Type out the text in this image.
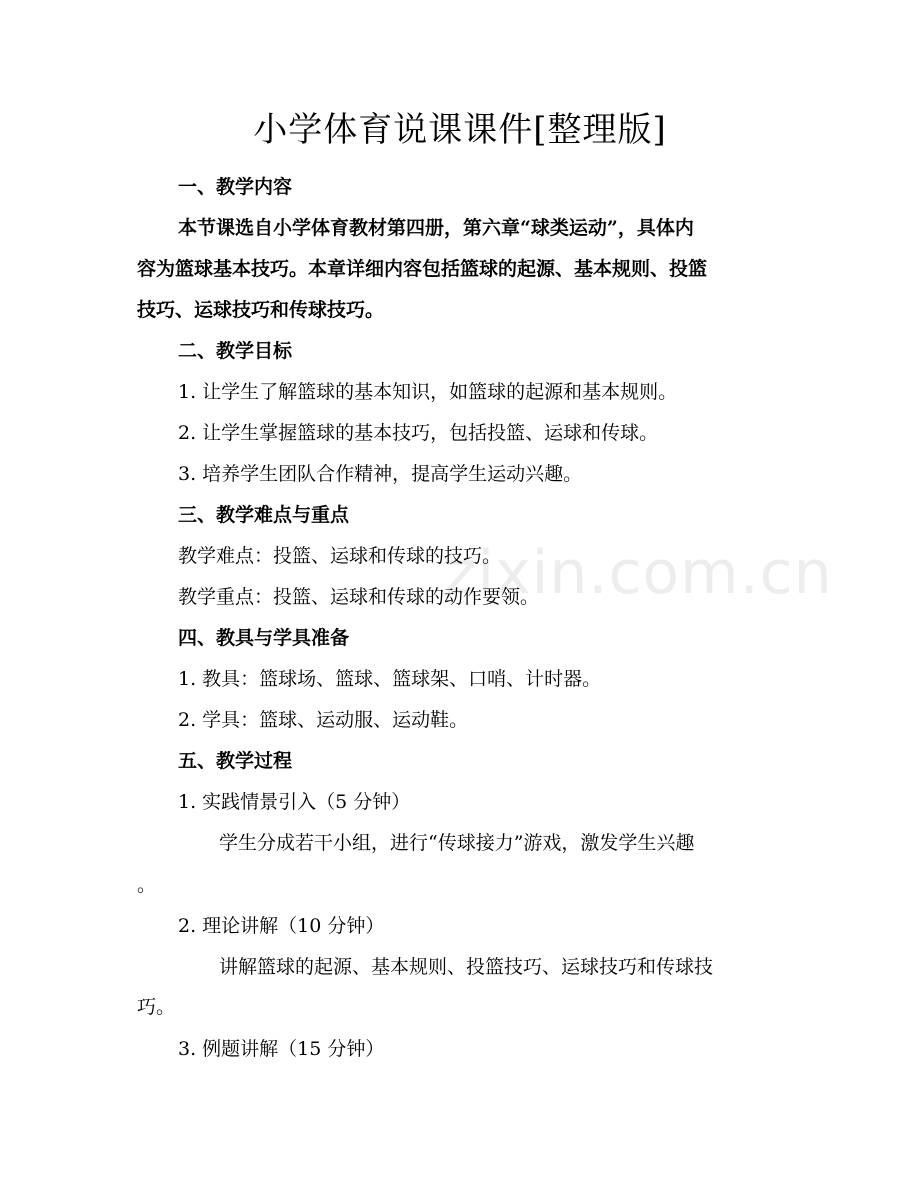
zixin.com.cn
小学体育说课课件[整理版]
一、教学内容
本节课选自小学体育教材第四册，第六章“球类运动”，具体内
容为篮球基本技巧。本章详细内容包括篮球的起源、基本规则、投篮
技巧、运球技巧和传球技巧。
二、教学目标
1. 让学生了解篮球的基本知识，如篮球的起源和基本规则。
2. 让学生掌握篮球的基本技巧，包括投篮、运球和传球。
3. 培养学生团队合作精神，提高学生运动兴趣。
三、教学难点与重点
教学难点：投篮、运球和传球的技巧。
教学重点：投篮、运球和传球的动作要领。
四、教具与学具准备
1. 教具：篮球场、篮球、篮球架、口哨、计时器。
2. 学具：篮球、运动服、运动鞋。
五、教学过程
1. 实践情景引入（5 分钟）
学生分成若干小组，进行“传球接力”游戏，激发学生兴趣
。
2. 理论讲解（10 分钟）
讲解篮球的起源、基本规则、投篮技巧、运球技巧和传球技
巧。
3. 例题讲解（15 分钟）
